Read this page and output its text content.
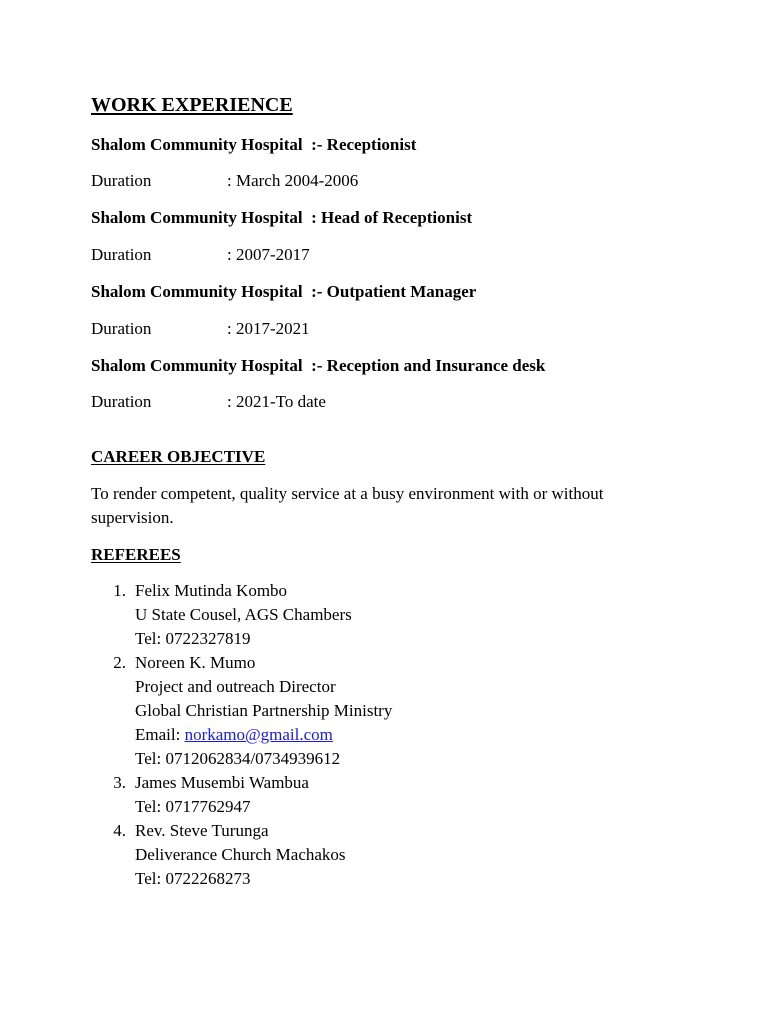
WORK EXPERIENCE
Shalom Community Hospital :- Receptionist
Duration	: March 2004-2006
Shalom Community Hospital : Head of Receptionist
Duration	: 2007-2017
Shalom Community Hospital :- Outpatient Manager
Duration	: 2017-2021
Shalom Community Hospital :- Reception and Insurance desk
Duration	: 2021-To date
CAREER OBJECTIVE
To render competent, quality service at a busy environment with or without
supervision.
REFEREES
1. Felix Mutinda Kombo
U State Cousel, AGS Chambers
Tel: 0722327819
2. Noreen K. Mumo
Project and outreach Director
Global Christian Partnership Ministry
Email: norkamo@gmail.com
Tel: 0712062834/0734939612
3. James Musembi Wambua
Tel: 0717762947
4. Rev. Steve Turunga
Deliverance Church Machakos
Tel: 0722268273
